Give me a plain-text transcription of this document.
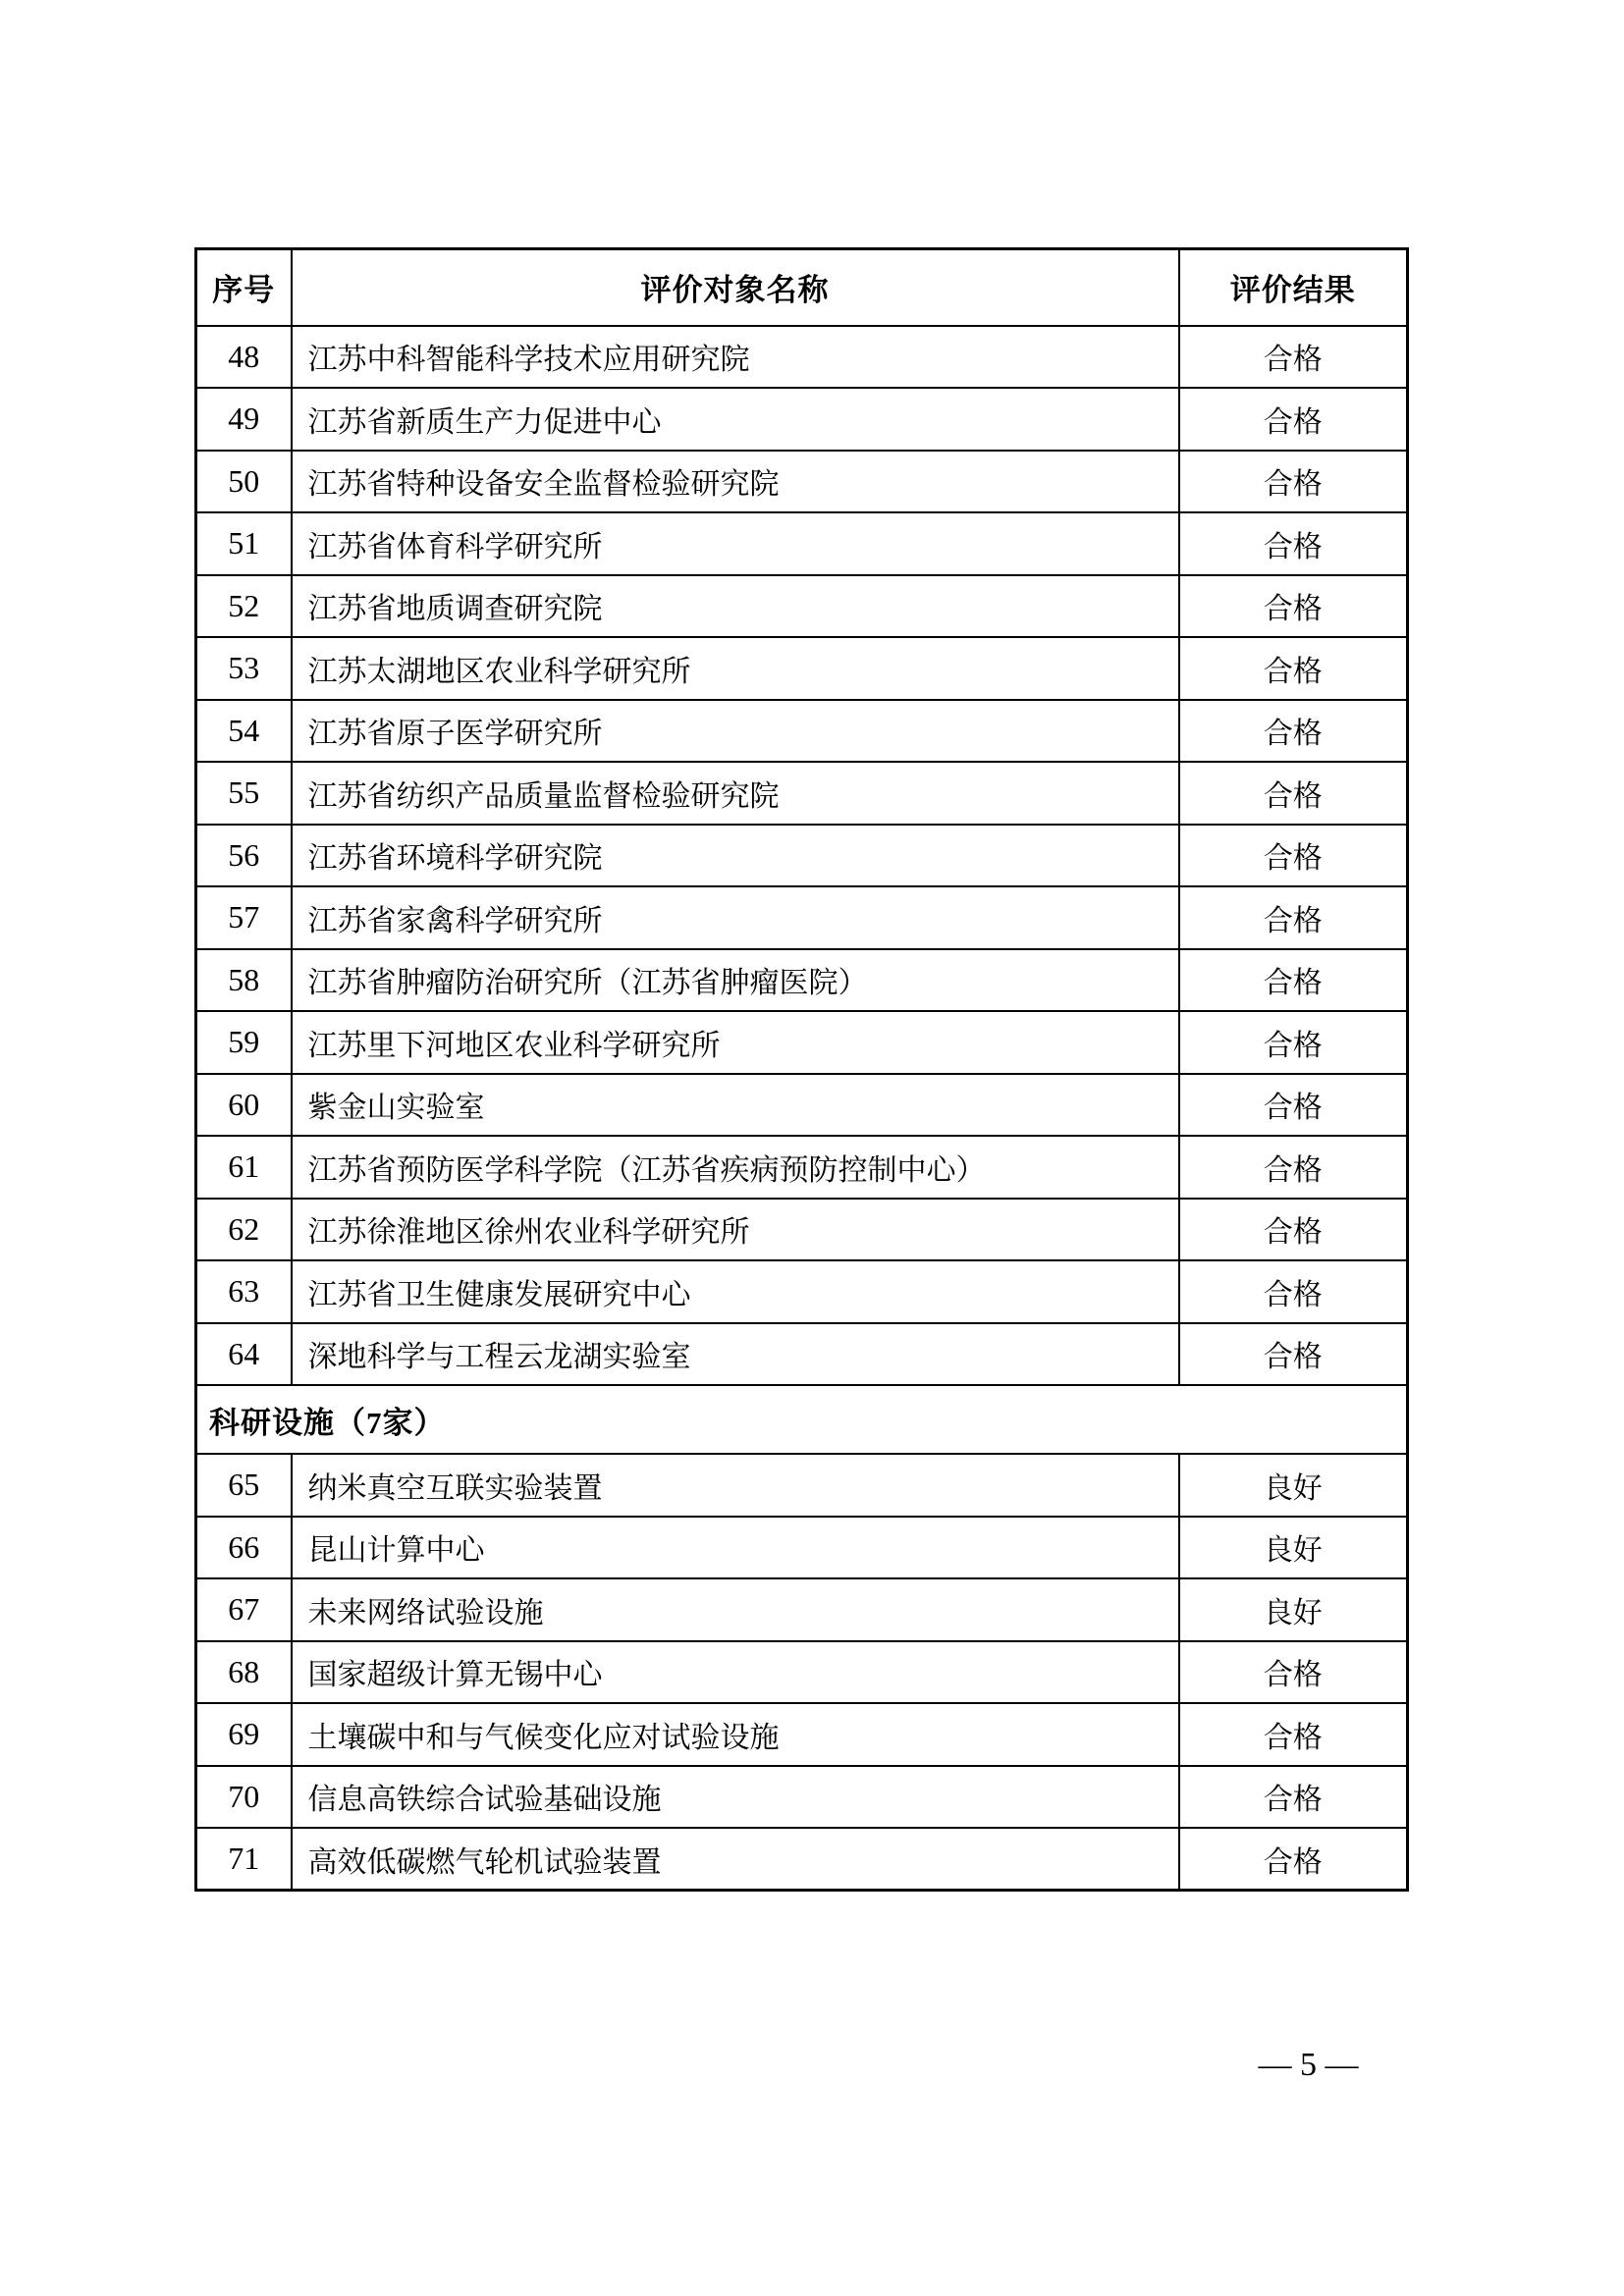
序号	评价对象名称	评价结果
48	江苏中科智能科学技术应用研究院	合格
49	江苏省新质生产力促进中心	合格
50	江苏省特种设备安全监督检验研究院	合格
51	江苏省体育科学研究所	合格
52	江苏省地质调查研究院	合格
53	江苏太湖地区农业科学研究所	合格
54	江苏省原子医学研究所	合格
55	江苏省纺织产品质量监督检验研究院	合格
56	江苏省环境科学研究院	合格
57	江苏省家禽科学研究所	合格
58	江苏省肿瘤防治研究所（江苏省肿瘤医院）	合格
59	江苏里下河地区农业科学研究所	合格
60	紫金山实验室	合格
61	江苏省预防医学科学院（江苏省疾病预防控制中心）	合格
62	江苏徐淮地区徐州农业科学研究所	合格
63	江苏省卫生健康发展研究中心	合格
64	深地科学与工程云龙湖实验室	合格
科研设施（7家）		
65	纳米真空互联实验装置	良好
66	昆山计算中心	良好
67	未来网络试验设施	良好
68	国家超级计算无锡中心	合格
69	土壤碳中和与气候变化应对试验设施	合格
70	信息高铁综合试验基础设施	合格
71	高效低碳燃气轮机试验装置	合格
— 5 —
